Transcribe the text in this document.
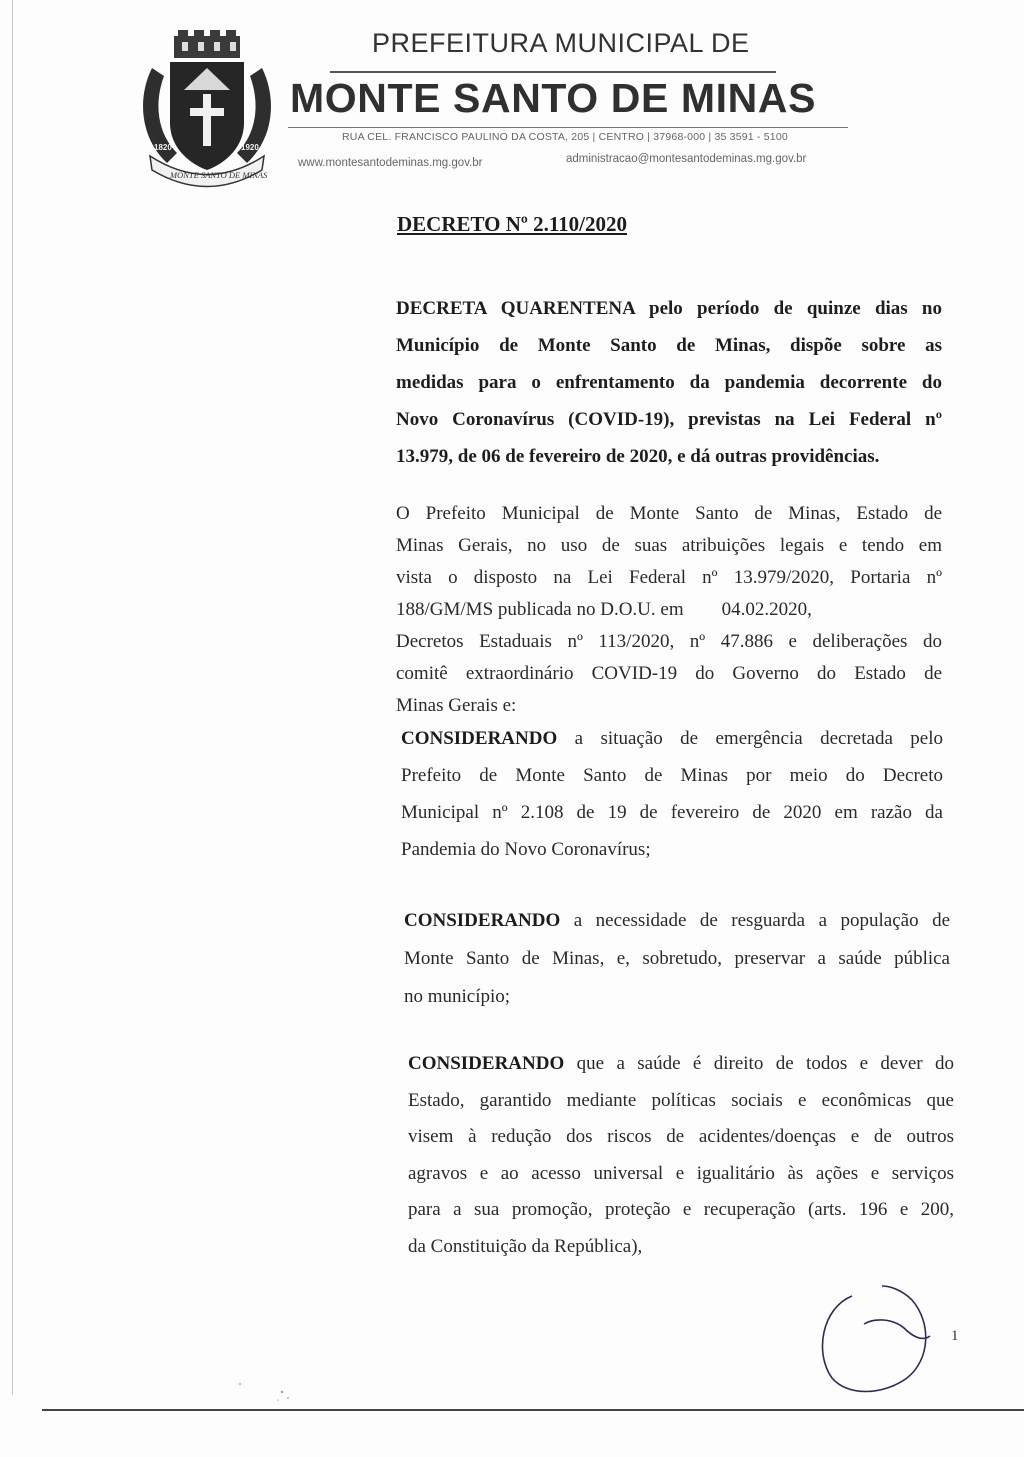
1820	1920
MONTE SANTO DE MINAS
PREFEITURA MUNICIPAL DE
MONTE SANTO DE MINAS
RUA CEL. FRANCISCO PAULINO DA COSTA, 205 | CENTRO | 37968-000 | 35 3591 - 5100
www.montesantodeminas.mg.gov.br	administracao@montesantodeminas.mg.gov.br
DECRETO Nº 2.110/2020
DECRETA QUARENTENA pelo período de quinze dias no
Município de Monte Santo de Minas, dispõe sobre as
medidas para o enfrentamento da pandemia decorrente do
Novo Coronavírus (COVID-19), previstas na Lei Federal nº
13.979, de 06 de fevereiro de 2020, e dá outras providências.
O Prefeito Municipal de Monte Santo de Minas, Estado de
Minas Gerais, no uso de suas atribuições legais e tendo em
vista o disposto na Lei Federal nº 13.979/2020, Portaria nº
188/GM/MS publicada no D.O.U. em        04.02.2020,
Decretos Estaduais nº 113/2020, nº 47.886 e deliberações do
comitê extraordinário COVID-19 do Governo do Estado de
Minas Gerais e:
CONSIDERANDO a situação de emergência decretada pelo
Prefeito de Monte Santo de Minas por meio do Decreto
Municipal nº 2.108 de 19 de fevereiro de 2020 em razão da
Pandemia do Novo Coronavírus;
CONSIDERANDO a necessidade de resguarda a população de
Monte Santo de Minas, e, sobretudo, preservar a saúde pública
no município;
CONSIDERANDO que a saúde é direito de todos e dever do
Estado, garantido mediante políticas sociais e econômicas que
visem à redução dos riscos de acidentes/doenças e de outros
agravos e ao acesso universal e igualitário às ações e serviços
para a sua promoção, proteção e recuperação (arts. 196 e 200,
da Constituição da República),
1
